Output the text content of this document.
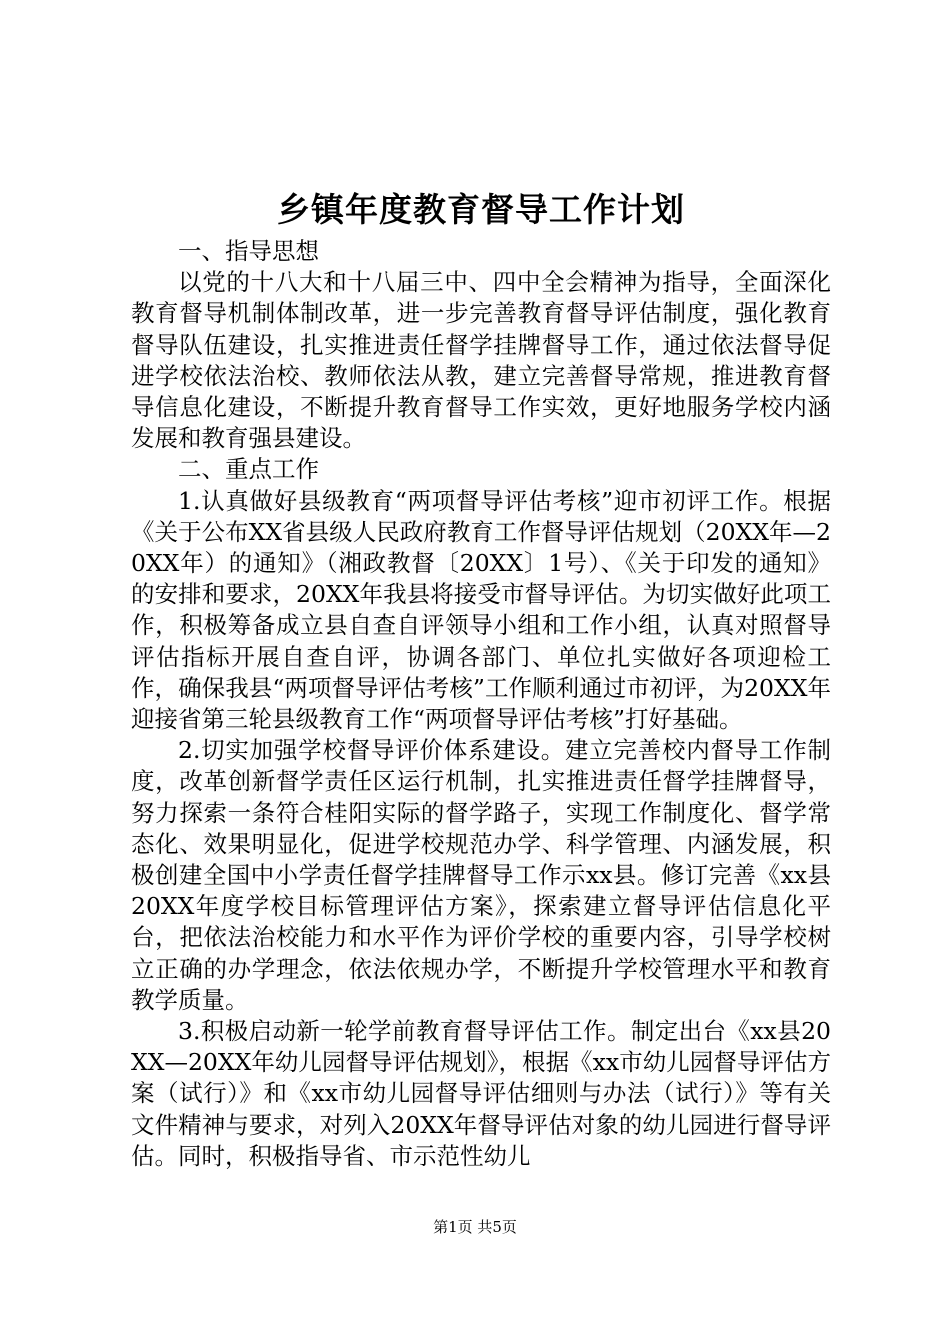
乡镇年度教育督导工作计划

一、指导思想

以党的十八大和十八届三中、四中全会精神为指导，全面深化教育督导机制体制改革，进一步完善教育督导评估制度，强化教育督导队伍建设，扎实推进责任督学挂牌督导工作，通过依法督导促进学校依法治校、教师依法从教，建立完善督导常规，推进教育督导信息化建设，不断提升教育督导工作实效，更好地服务学校内涵发展和教育强县建设。

二、重点工作

1.认真做好县级教育“两项督导评估考核”迎市初评工作。根据《关于公布XX省县级人民政府教育工作督导评估规划（20XX年—20XX年）的通知》（湘政教督〔20XX〕1号）、《关于印发的通知》的安排和要求，20XX年我县将接受市督导评估。为切实做好此项工作，积极筹备成立县自查自评领导小组和工作小组，认真对照督导评估指标开展自查自评，协调各部门、单位扎实做好各项迎检工作，确保我县“两项督导评估考核”工作顺利通过市初评，为20XX年迎接省第三轮县级教育工作“两项督导评估考核”打好基础。

2.切实加强学校督导评价体系建设。建立完善校内督导工作制度，改革创新督学责任区运行机制，扎实推进责任督学挂牌督导，努力探索一条符合桂阳实际的督学路子，实现工作制度化、督学常态化、效果明显化，促进学校规范办学、科学管理、内涵发展，积极创建全国中小学责任督学挂牌督导工作示xx县。修订完善《xx县20XX年度学校目标管理评估方案》，探索建立督导评估信息化平台，把依法治校能力和水平作为评价学校的重要内容，引导学校树立正确的办学理念，依法依规办学，不断提升学校管理水平和教育教学质量。

3.积极启动新一轮学前教育督导评估工作。制定出台《xx县20XX—20XX年幼儿园督导评估规划》，根据《xx市幼儿园督导评估方案（试行）》和《xx市幼儿园督导评估细则与办法（试行）》等有关文件精神与要求，对列入20XX年督导评估对象的幼儿园进行督导评估。同时，积极指导省、市示范性幼儿

第1页 共5页
